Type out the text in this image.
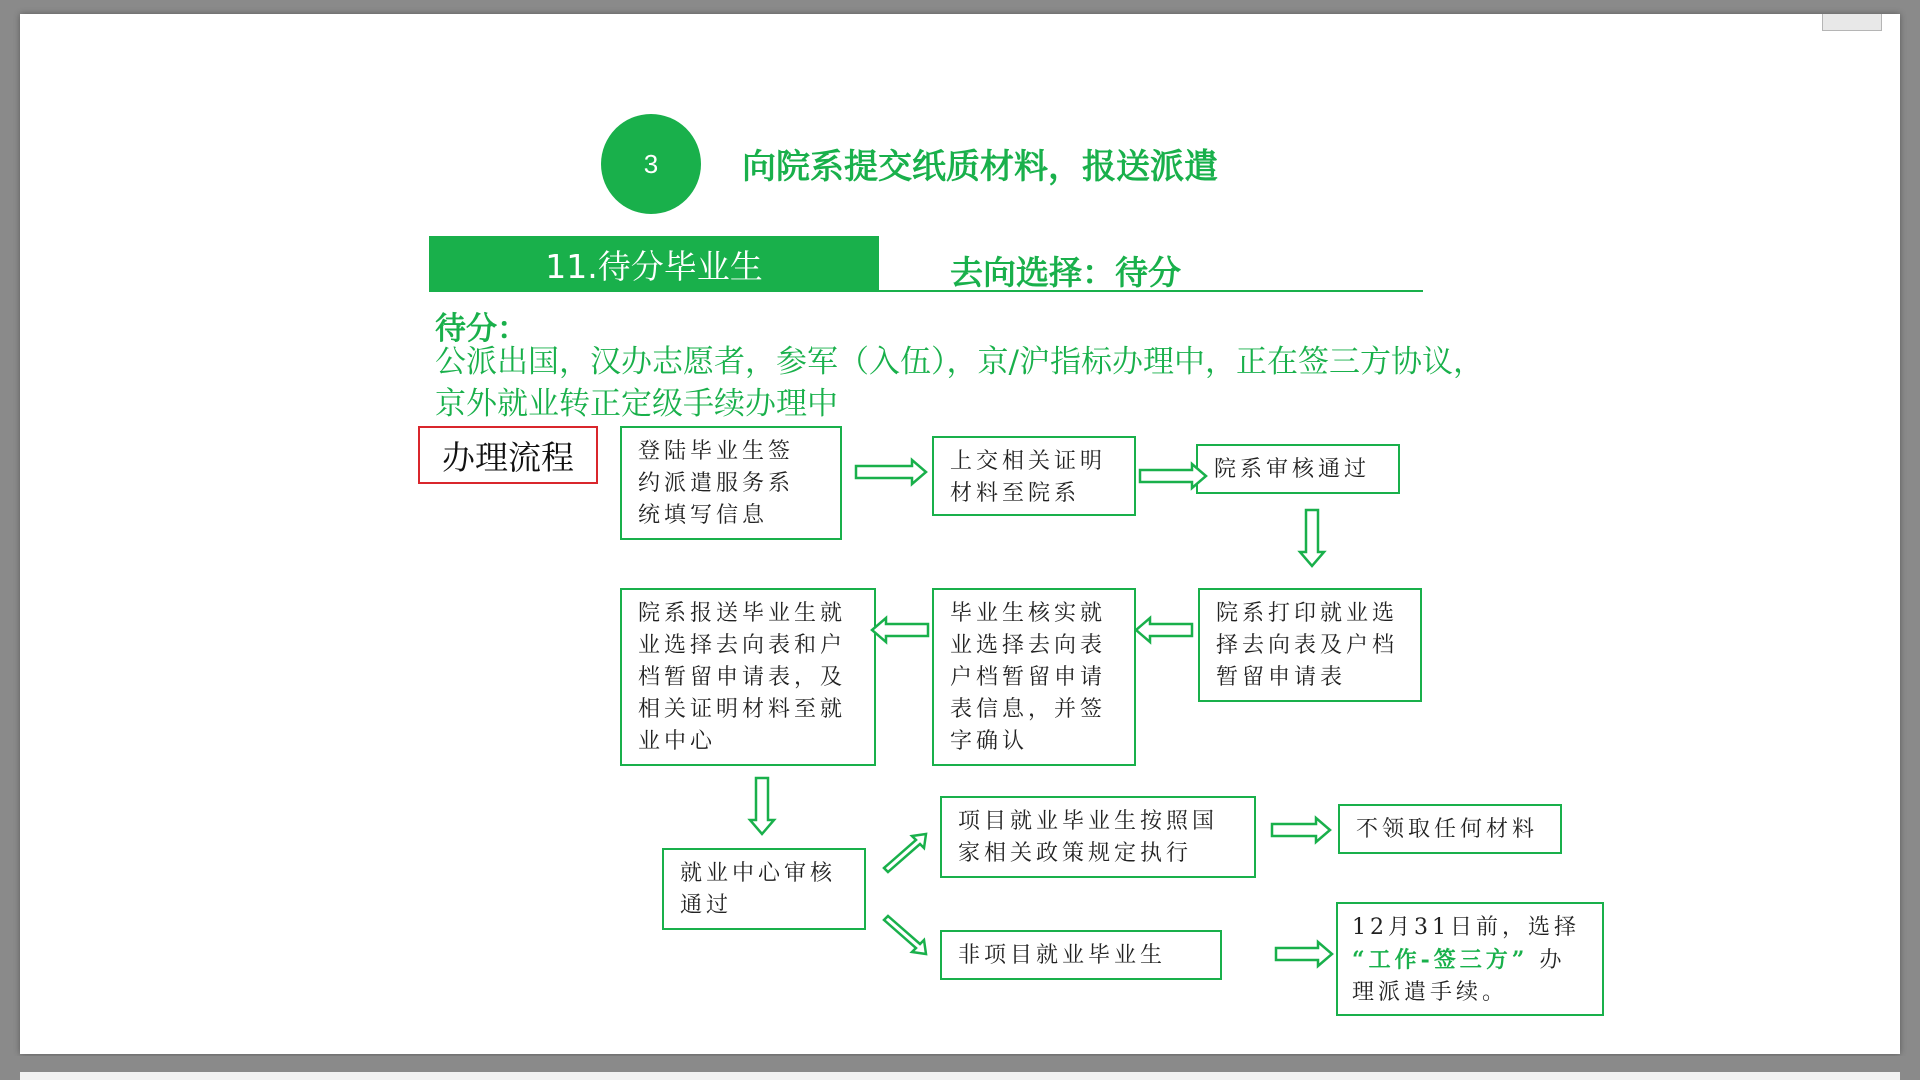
3 向院系提交纸质材料，报送派遣
11.待分毕业生	去向选择：待分
待分：
公派出国，汉办志愿者，参军（入伍），京/沪指标办理中，正在签三方协议，
京外就业转正定级手续办理中
办理流程	登陆毕业生签
约派遣服务系
统填写信息
上交相关证明
材料至院系
院系审核通过
院系打印就业选
择去向表及户档
暂留申请表
毕业生核实就
业选择去向表
户档暂留申请
表信息，并签
字确认
院系报送毕业生就
业选择去向表和户
档暂留申请表，及
相关证明材料至就
业中心
就业中心审核
通过
项目就业毕业生按照国
家相关政策规定执行
不领取任何材料
非项目就业毕业生
12月31日前，选择
“工作-签三方” 办
理派遣手续。
